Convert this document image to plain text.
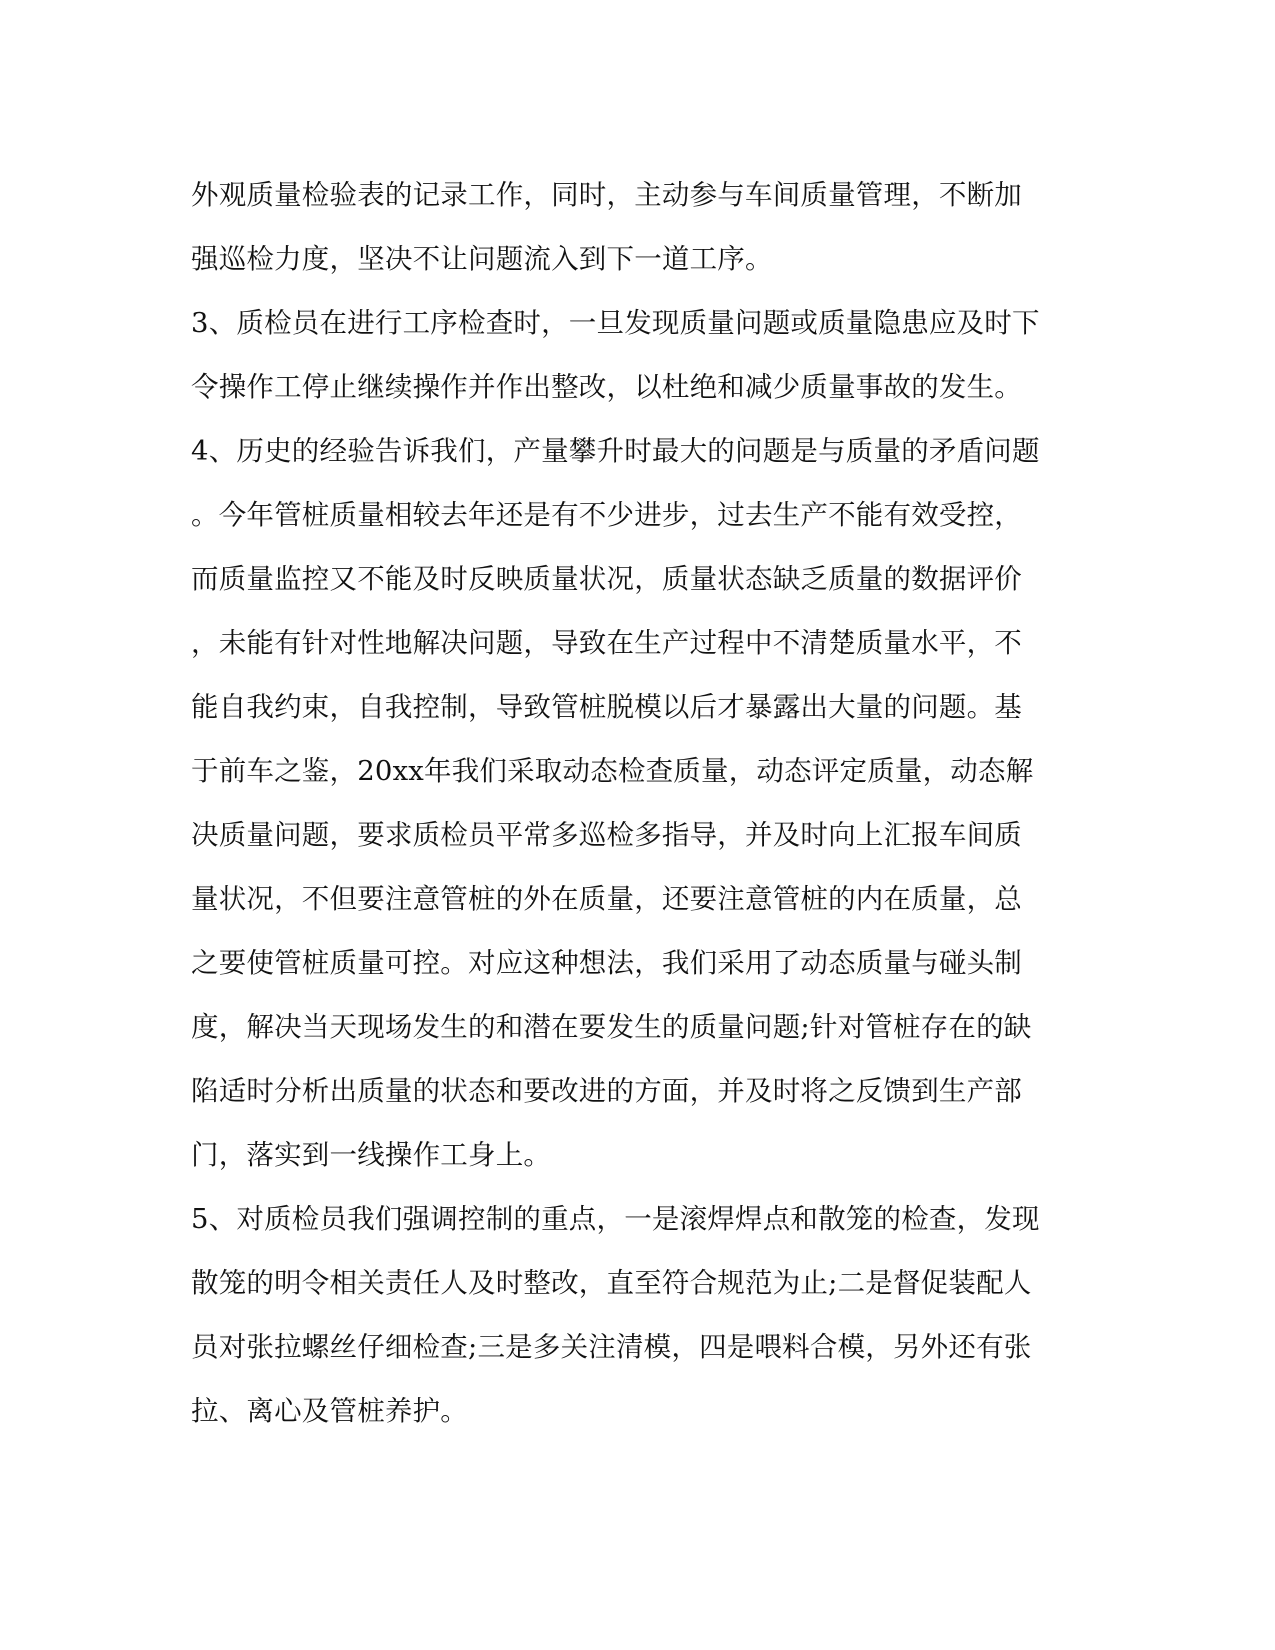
外观质量检验表的记录工作，同时，主动参与车间质量管理，不断加
强巡检力度，坚决不让问题流入到下一道工序。
3、质检员在进行工序检查时，一旦发现质量问题或质量隐患应及时下
令操作工停止继续操作并作出整改，以杜绝和减少质量事故的发生。
4、历史的经验告诉我们，产量攀升时最大的问题是与质量的矛盾问题
。今年管桩质量相较去年还是有不少进步，过去生产不能有效受控，
而质量监控又不能及时反映质量状况，质量状态缺乏质量的数据评价
，未能有针对性地解决问题，导致在生产过程中不清楚质量水平，不
能自我约束，自我控制，导致管桩脱模以后才暴露出大量的问题。基
于前车之鉴，20xx年我们采取动态检查质量，动态评定质量，动态解
决质量问题，要求质检员平常多巡检多指导，并及时向上汇报车间质
量状况，不但要注意管桩的外在质量，还要注意管桩的内在质量，总
之要使管桩质量可控。对应这种想法，我们采用了动态质量与碰头制
度，解决当天现场发生的和潜在要发生的质量问题;针对管桩存在的缺
陷适时分析出质量的状态和要改进的方面，并及时将之反馈到生产部
门，落实到一线操作工身上。
5、对质检员我们强调控制的重点，一是滚焊焊点和散笼的检查，发现
散笼的明令相关责任人及时整改，直至符合规范为止;二是督促装配人
员对张拉螺丝仔细检查;三是多关注清模，四是喂料合模，另外还有张
拉、离心及管桩养护。
